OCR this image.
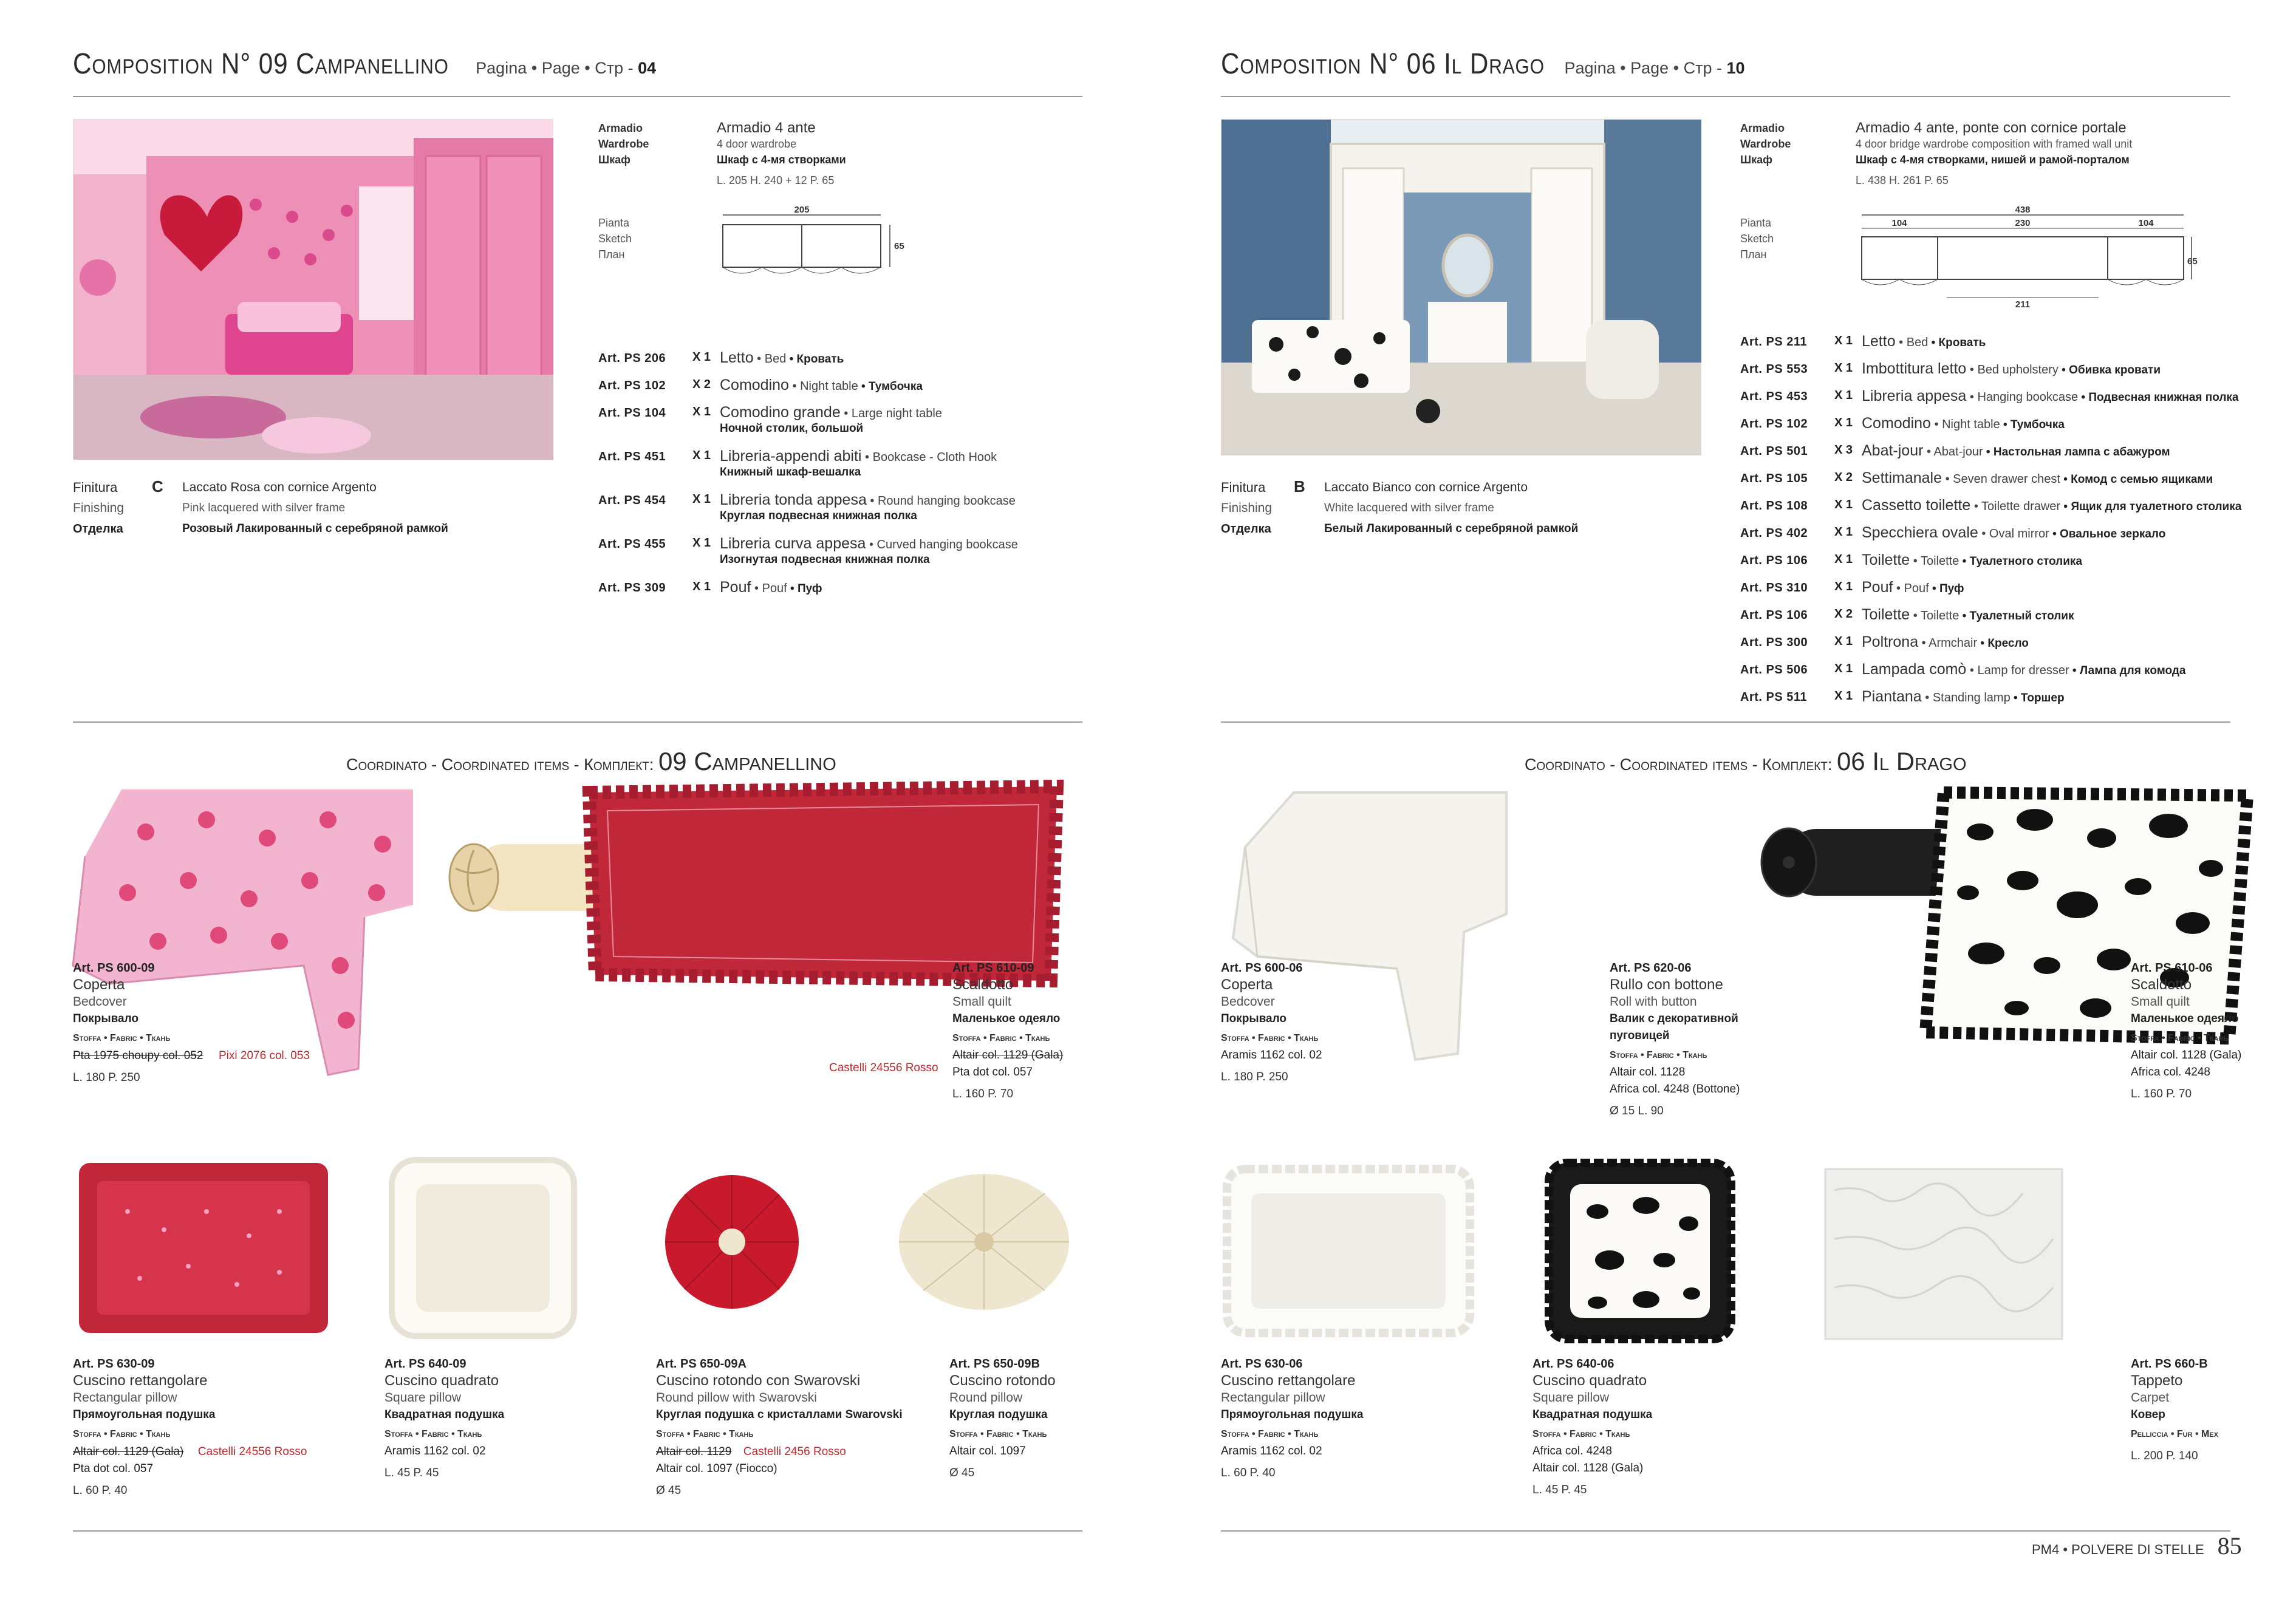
Composition N° 09 Campanellino Pagina • Page • Стр - 04
Armadio
Wardrobe
Шкаф
Armadio 4 ante
4 door wardrobe
Шкаф с 4-мя створками
L. 205 H. 240 + 12 P. 65
Pianta
Sketch
План
205
65
Art. PS 206 X 1 Letto • Bed • Кровать
Art. PS 102 X 2 Comodino • Night table • Тумбочка
Art. PS 104 X 1 Comodino grande • Large night table
Ночной столик, большой
Art. PS 451 X 1 Libreria-appendi abiti • Bookcase - Cloth Hook
Книжный шкаф-вешалка
Art. PS 454 X 1 Libreria tonda appesa • Round hanging bookcase
Круглая подвесная книжная полка
Art. PS 455 X 1 Libreria curva appesa • Curved hanging bookcase
Изогнутая подвесная книжная полка
Art. PS 309 X 1 Pouf • Pouf • Пуф
Finitura
Finishing
Отделка
C Laccato Rosa con cornice Argento
Pink lacquered with silver frame
Розовый Лакированный с серебряной рамкой
Coordinato - Coordinated items - Комплект: 09 Campanellino
Art. PS 600-09
Coperta
Bedcover
Покрывало
Stoffa • Fabric • Ткань
Pta 1975 choupy col. 052 Pixi 2076 col. 053
L. 180 P. 250
Castelli 24556 Rosso
Art. PS 610-09
Scaldotto
Small quilt
Маленькое одеяло
Stoffa • Fabric • Ткань
Altair col. 1129 (Gala)
Pta dot col. 057
L. 160 P. 70
Art. PS 630-09
Cuscino rettangolare
Rectangular pillow
Прямоугольная подушка
Stoffa • Fabric • Ткань
Altair col. 1129 (Gala) Castelli 24556 Rosso
Pta dot col. 057
L. 60 P. 40
Art. PS 640-09
Cuscino quadrato
Square pillow
Квадратная подушка
Stoffa • Fabric • Ткань
Aramis 1162 col. 02
L. 45 P. 45
Art. PS 650-09A
Cuscino rotondo con Swarovski
Round pillow with Swarovski
Круглая подушка с кристаллами Swarovski
Stoffa • Fabric • Ткань
Altair col. 1129 Castelli 2456 Rosso
Altair col. 1097 (Fiocco)
Ø 45
Art. PS 650-09B
Cuscino rotondo
Round pillow
Круглая подушка
Stoffa • Fabric • Ткань
Altair col. 1097
Ø 45
Composition N° 06 Il Drago Pagina • Page • Стр - 10
Armadio
Wardrobe
Шкаф
Armadio 4 ante, ponte con cornice portale
4 door bridge wardrobe composition with framed wall unit
Шкаф с 4-мя створками, нишей и рамой-порталом
L. 438 H. 261 P. 65
Pianta
Sketch
План
438
104	230	104
65
211
Art. PS 211 X 1 Letto • Bed • Кровать
Art. PS 553 X 1 Imbottitura letto • Bed upholstery • Обивка кровати
Art. PS 453 X 1 Libreria appesa • Hanging bookcase • Подвесная книжная полка
Art. PS 102 X 1 Comodino • Night table • Тумбочка
Art. PS 501 X 3 Abat-jour • Abat-jour • Настольная лампа с абажуром
Art. PS 105 X 2 Settimanale • Seven drawer chest • Комод с семью ящиками
Art. PS 108 X 1 Cassetto toilette • Toilette drawer • Ящик для туалетного столика
Art. PS 402 X 1 Specchiera ovale • Oval mirror • Овальное зеркало
Art. PS 106 X 1 Toilette • Toilette • Туалетного столика
Art. PS 310 X 1 Pouf • Pouf • Пуф
Art. PS 106 X 2 Toilette • Toilette • Туалетный столик
Art. PS 300 X 1 Poltrona • Armchair • Кресло
Art. PS 506 X 1 Lampada comò • Lamp for dresser • Лампа для комода
Art. PS 511 X 1 Piantana • Standing lamp • Торшер
Finitura
Finishing
Отделка
B Laccato Bianco con cornice Argento
White lacquered with silver frame
Белый Лакированный с серебряной рамкой
Coordinato - Coordinated items - Комплект: 06 Il Drago
Art. PS 600-06
Coperta
Bedcover
Покрывало
Stoffa • Fabric • Ткань
Aramis 1162 col. 02
L. 180 P. 250
Art. PS 620-06
Rullo con bottone
Roll with button
Валик с декоративной
пуговицей
Stoffa • Fabric • Ткань
Altair col. 1128
Africa col. 4248 (Bottone)
Ø 15 L. 90
Art. PS 610-06
Scaldotto
Small quilt
Маленькое одеяло
Stoffa • Fabric • Ткань
Altair col. 1128 (Gala)
Africa col. 4248
L. 160 P. 70
Art. PS 630-06
Cuscino rettangolare
Rectangular pillow
Прямоугольная подушка
Stoffa • Fabric • Ткань
Aramis 1162 col. 02
L. 60 P. 40
Art. PS 640-06
Cuscino quadrato
Square pillow
Квадратная подушка
Stoffa • Fabric • Ткань
Africa col. 4248
Altair col. 1128 (Gala)
L. 45 P. 45
Art. PS 660-B
Tappeto
Carpet
Ковер
Pelliccia • Fur • Мех
L. 200 P. 140
PM4 • POLVERE DI STELLE 85
